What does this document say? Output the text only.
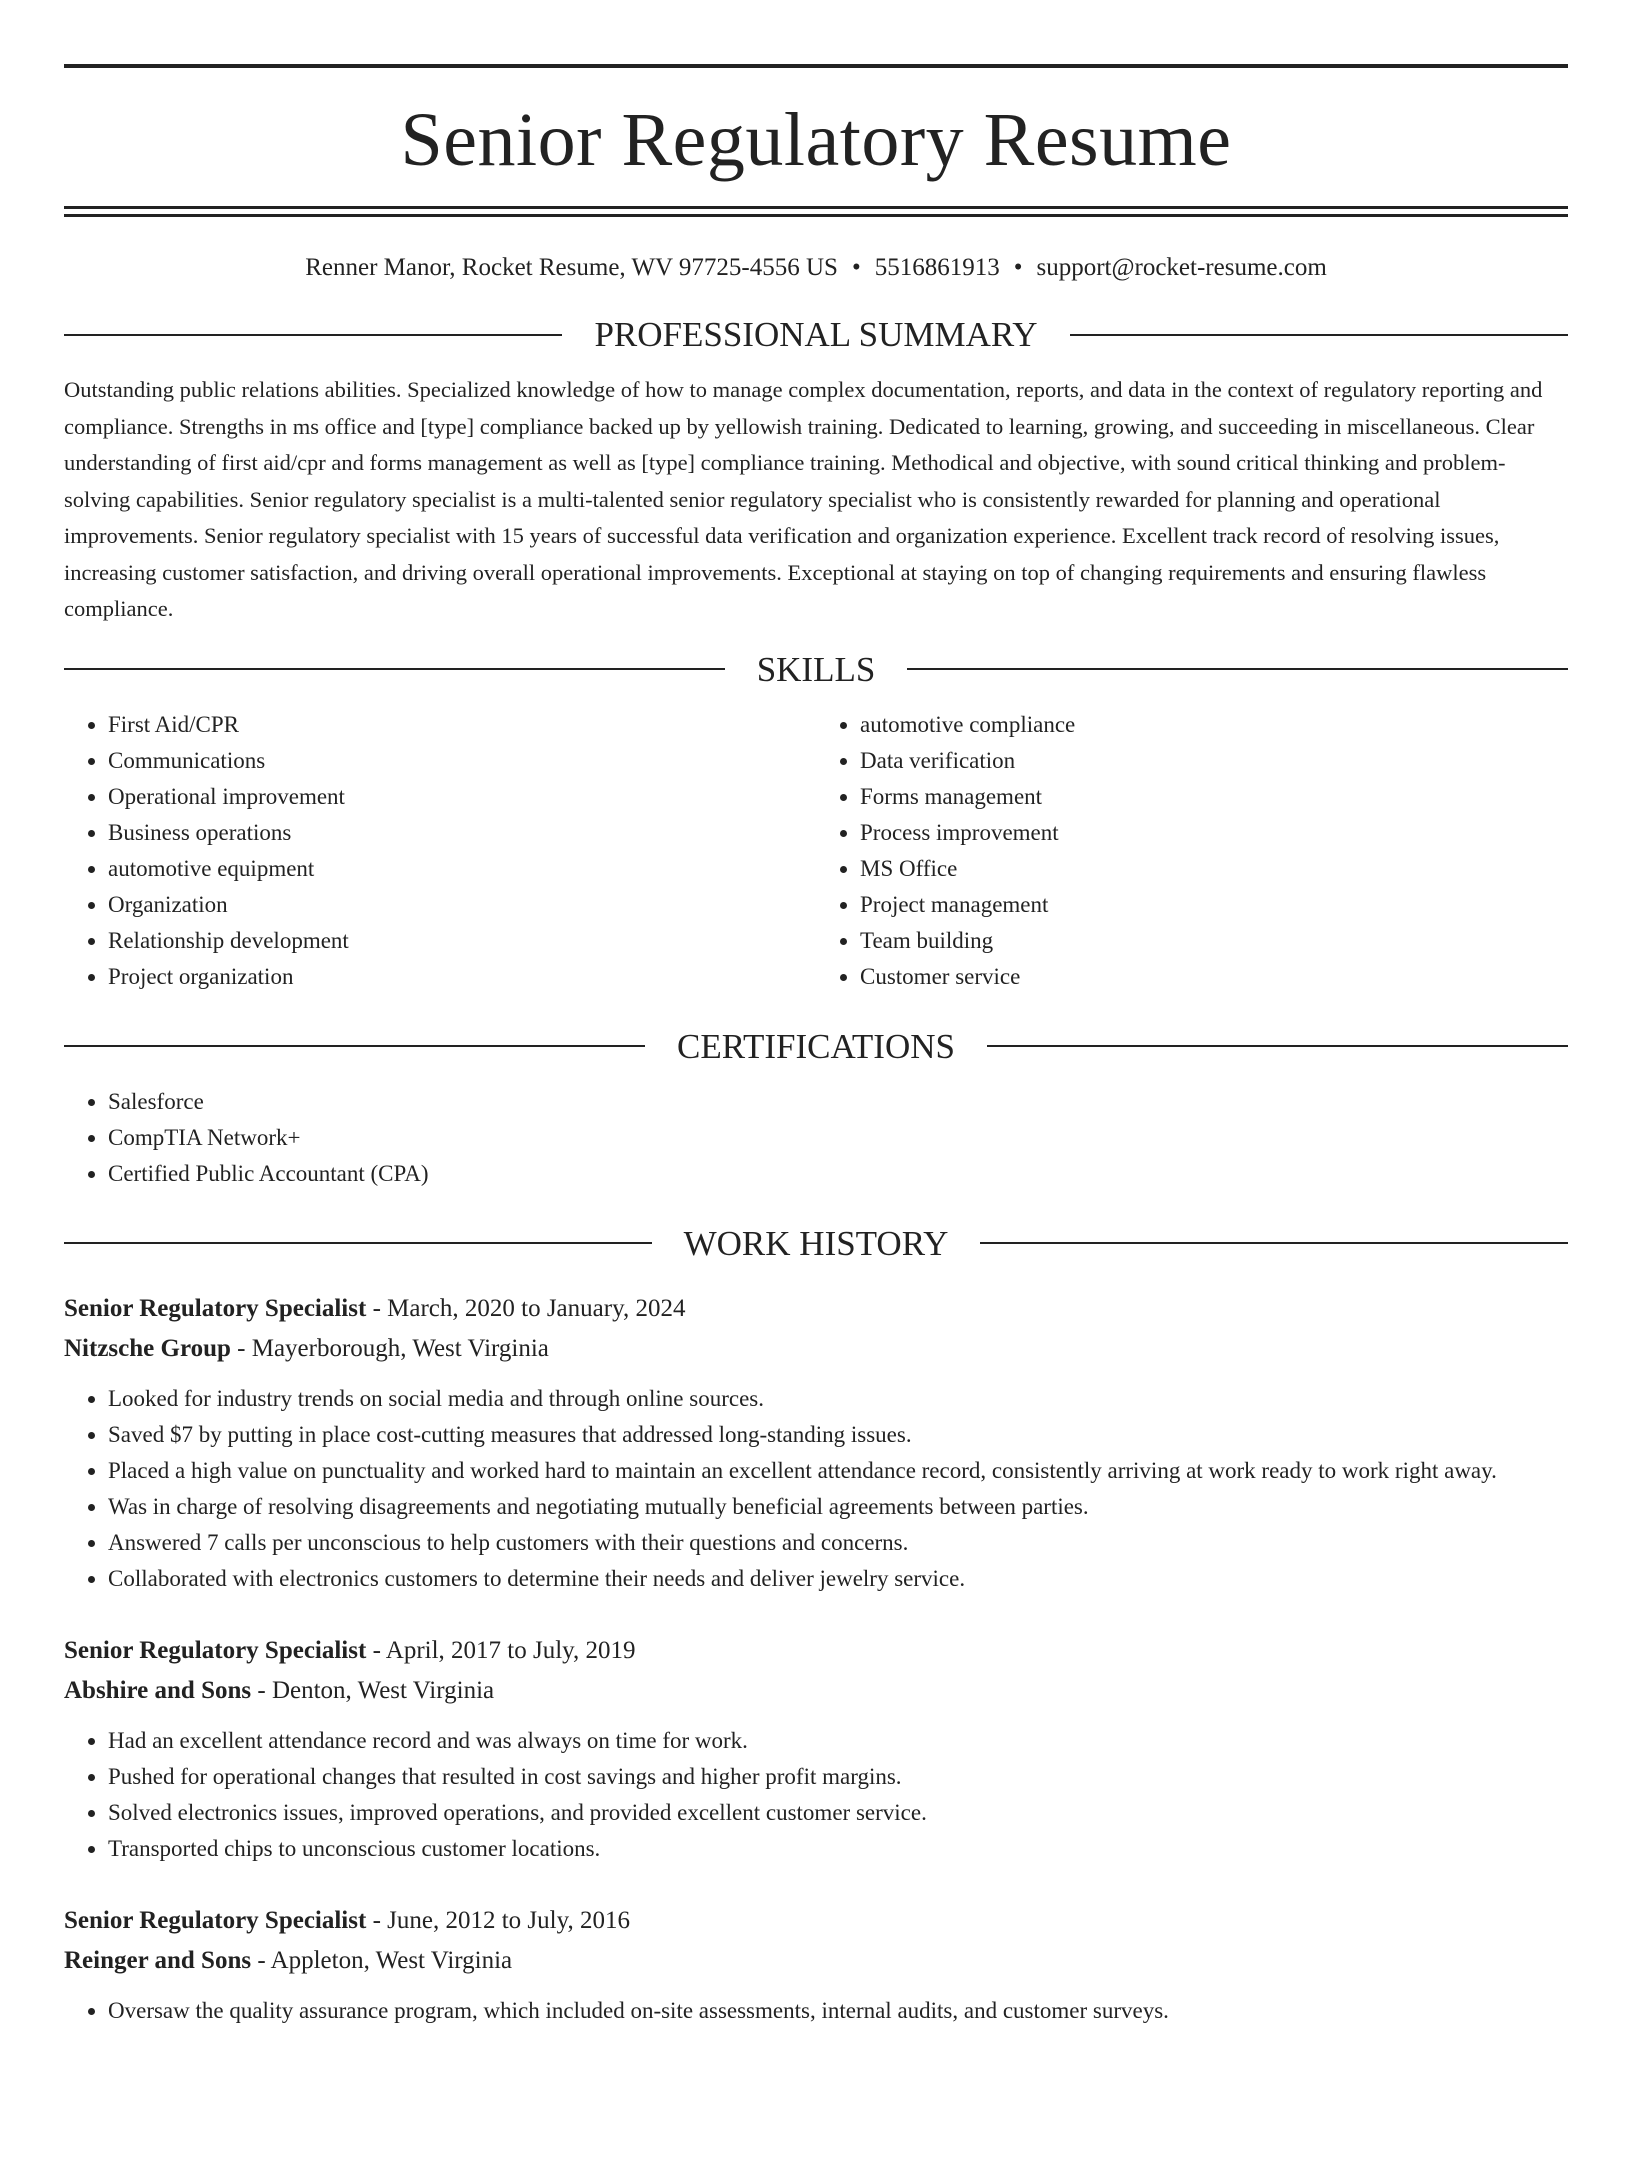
Senior Regulatory Resume
Renner Manor, Rocket Resume, WV 97725-4556 US • 5516861913 • support@rocket-resume.com
PROFESSIONAL SUMMARY

Outstanding public relations abilities. Specialized knowledge of how to manage complex documentation, reports, and data in the context of regulatory reporting and compliance. Strengths in ms office and [type] compliance backed up by yellowish training. Dedicated to learning, growing, and succeeding in miscellaneous. Clear understanding of first aid/cpr and forms management as well as [type] compliance training. Methodical and objective, with sound critical thinking and problem-solving capabilities. Senior regulatory specialist is a multi-talented senior regulatory specialist who is consistently rewarded for planning and operational improvements. Senior regulatory specialist with 15 years of successful data verification and organization experience. Excellent track record of resolving issues, increasing customer satisfaction, and driving overall operational improvements. Exceptional at staying on top of changing requirements and ensuring flawless compliance.

SKILLS
• First Aid/CPR
• Communications
• Operational improvement
• Business operations
• automotive equipment
• Organization
• Relationship development
• Project organization
• automotive compliance
• Data verification
• Forms management
• Process improvement
• MS Office
• Project management
• Team building
• Customer service
CERTIFICATIONS
• Salesforce
• CompTIA Network+
• Certified Public Accountant (CPA)
WORK HISTORY
Senior Regulatory Specialist - March, 2020 to January, 2024
Nitzsche Group - Mayerborough, West Virginia
• Looked for industry trends on social media and through online sources.
• Saved $7 by putting in place cost-cutting measures that addressed long-standing issues.
• Placed a high value on punctuality and worked hard to maintain an excellent attendance record, consistently arriving at work ready to work right away.
• Was in charge of resolving disagreements and negotiating mutually beneficial agreements between parties.
• Answered 7 calls per unconscious to help customers with their questions and concerns.
• Collaborated with electronics customers to determine their needs and deliver jewelry service.
Senior Regulatory Specialist - April, 2017 to July, 2019
Abshire and Sons - Denton, West Virginia
• Had an excellent attendance record and was always on time for work.
• Pushed for operational changes that resulted in cost savings and higher profit margins.
• Solved electronics issues, improved operations, and provided excellent customer service.
• Transported chips to unconscious customer locations.
Senior Regulatory Specialist - June, 2012 to July, 2016
Reinger and Sons - Appleton, West Virginia
• Oversaw the quality assurance program, which included on-site assessments, internal audits, and customer surveys.
